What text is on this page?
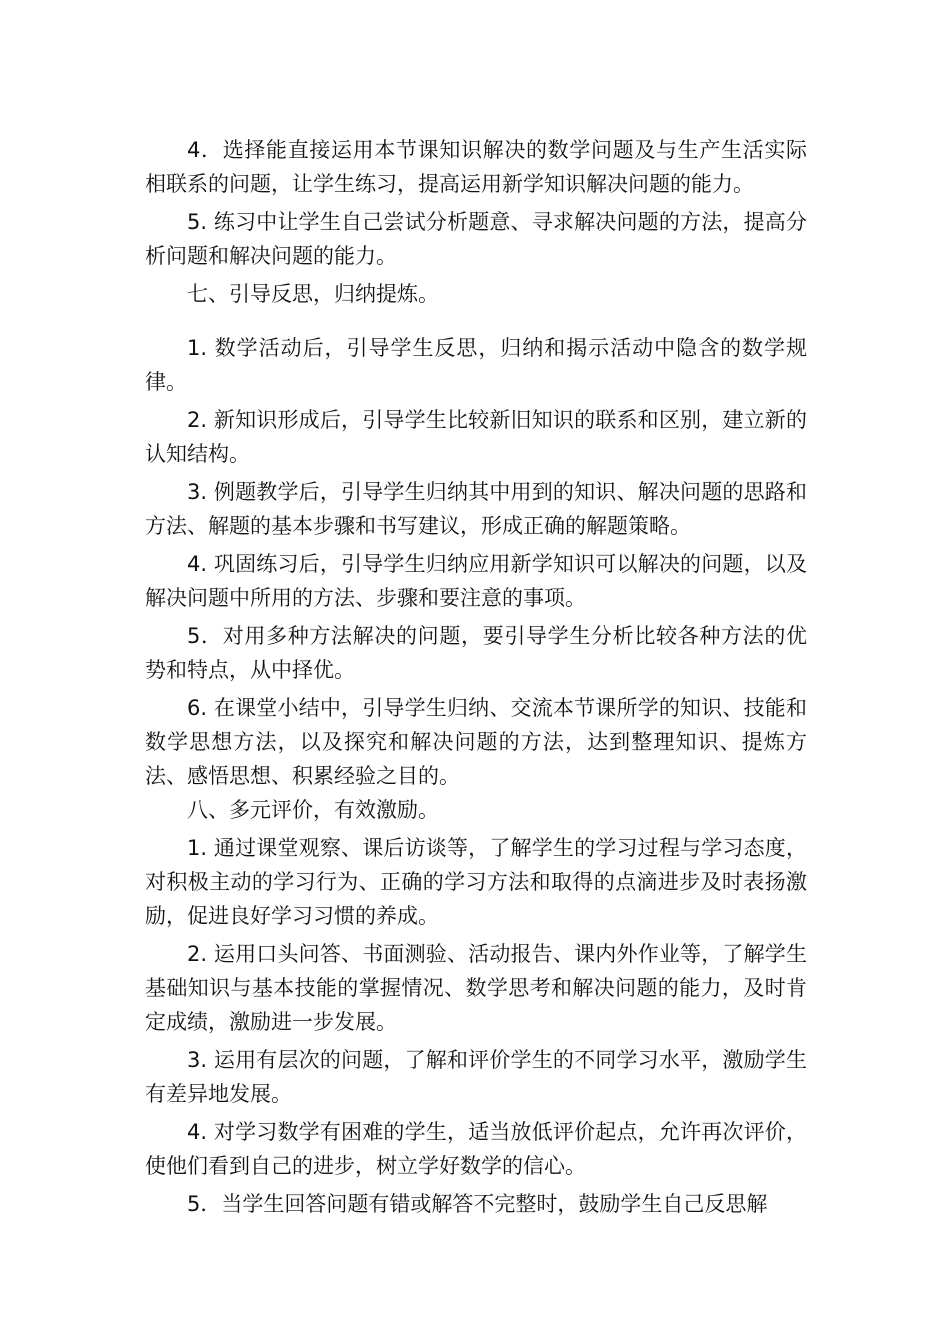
4．选择能直接运用本节课知识解决的数学问题及与生产生活实际相联系的问题，让学生练习，提高运用新学知识解决问题的能力。

5. 练习中让学生自己尝试分析题意、寻求解决问题的方法，提高分析问题和解决问题的能力。

七、引导反思，归纳提炼。

1. 数学活动后，引导学生反思，归纳和揭示活动中隐含的数学规律。

2. 新知识形成后，引导学生比较新旧知识的联系和区别，建立新的认知结构。

3. 例题教学后，引导学生归纳其中用到的知识、解决问题的思路和方法、解题的基本步骤和书写建议，形成正确的解题策略。

4. 巩固练习后，引导学生归纳应用新学知识可以解决的问题，以及解决问题中所用的方法、步骤和要注意的事项。

5．对用多种方法解决的问题，要引导学生分析比较各种方法的优势和特点，从中择优。

6. 在课堂小结中，引导学生归纳、交流本节课所学的知识、技能和数学思想方法，以及探究和解决问题的方法，达到整理知识、提炼方法、感悟思想、积累经验之目的。

八、多元评价，有效激励。

1. 通过课堂观察、课后访谈等，了解学生的学习过程与学习态度，对积极主动的学习行为、正确的学习方法和取得的点滴进步及时表扬激励，促进良好学习习惯的养成。

2. 运用口头问答、书面测验、活动报告、课内外作业等，了解学生基础知识与基本技能的掌握情况、数学思考和解决问题的能力，及时肯定成绩，激励进一步发展。

3. 运用有层次的问题，了解和评价学生的不同学习水平，激励学生有差异地发展。

4. 对学习数学有困难的学生，适当放低评价起点，允许再次评价，使他们看到自己的进步，树立学好数学的信心。

5．当学生回答问题有错或解答不完整时，鼓励学生自己反思解
